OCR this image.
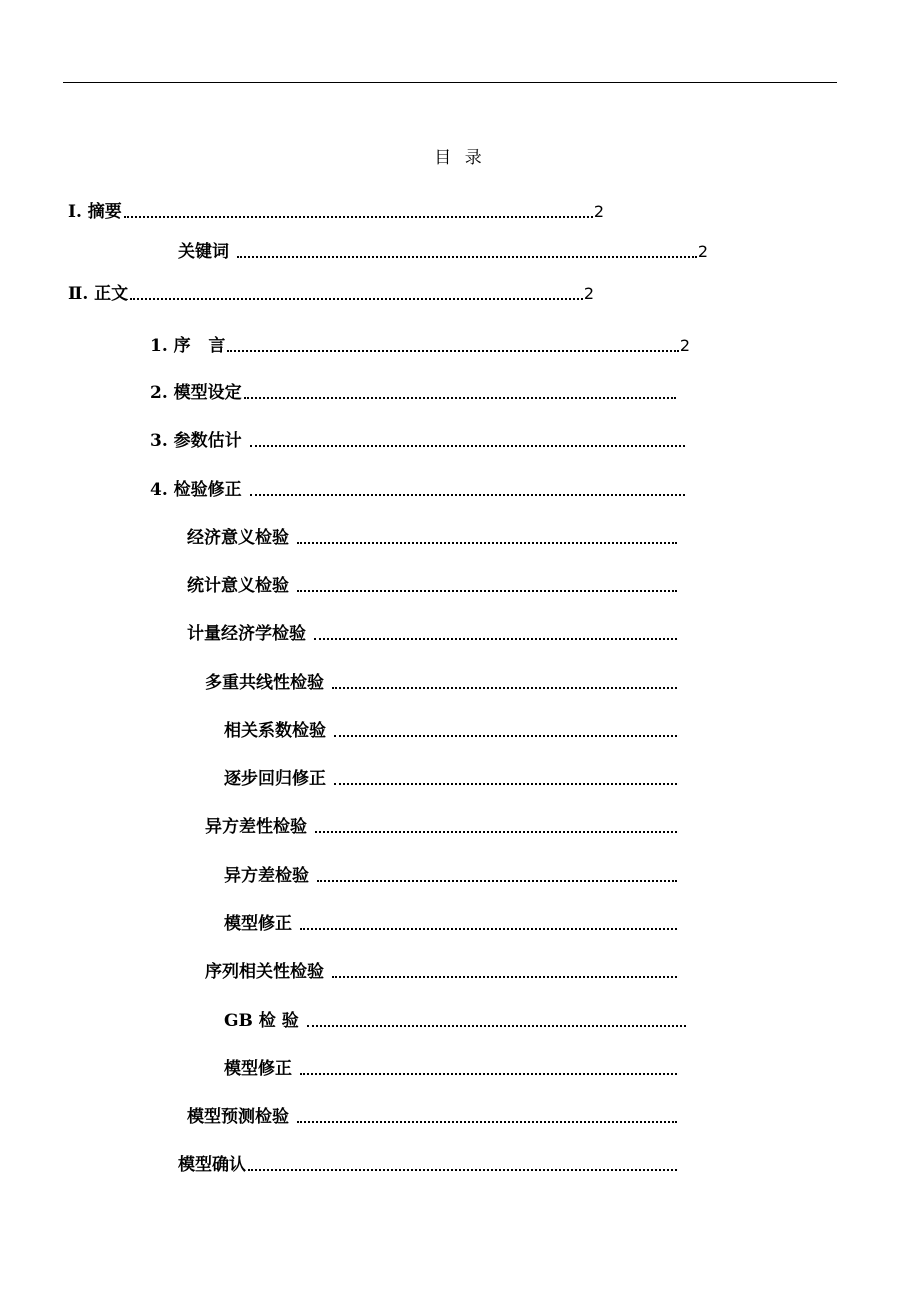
目 录
Ⅰ. 摘要	2
关键词	2
Ⅱ. 正文	2
1. 序   言	2
2. 模型设定
3. 参数估计
4. 检验修正
经济意义检验
统计意义检验
计量经济学检验
多重共线性检验
相关系数检验
逐步回归修正
异方差性检验
异方差检验
模型修正
序列相关性检验
GB 检 验
模型修正
模型预测检验
模型确认
